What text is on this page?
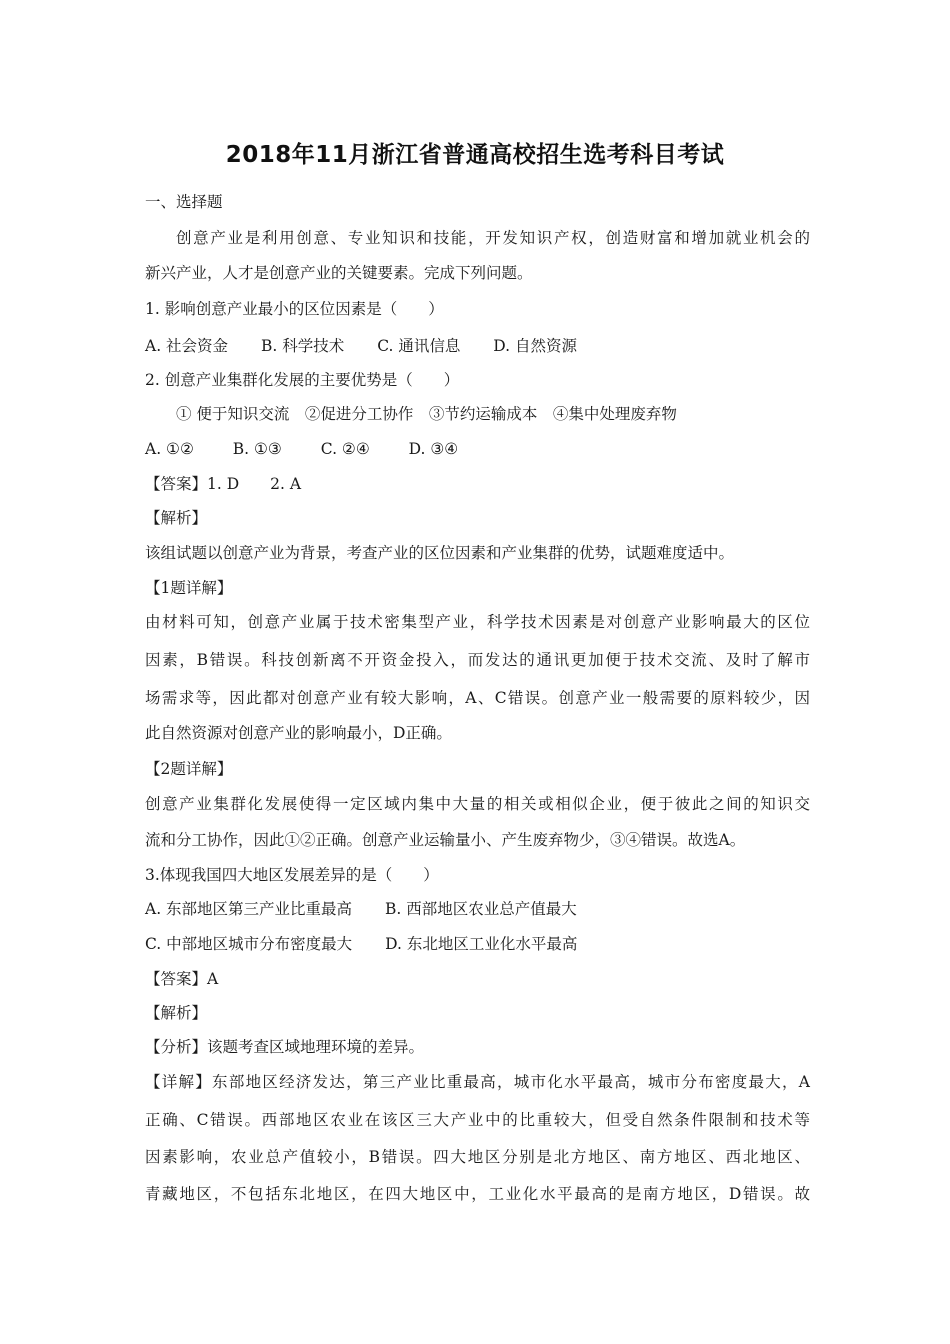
2018年11月浙江省普通高校招生选考科目考试
一、选择题
创意产业是利用创意、专业知识和技能，开发知识产权，创造财富和增加就业机会的
新兴产业，人才是创意产业的关键要素。完成下列问题。
1. 影响创意产业最小的区位因素是（　　）
A. 社会资金 B. 科学技术 C. 通讯信息 D. 自然资源
2. 创意产业集群化发展的主要优势是（　　）
① 便于知识交流　②促进分工协作　③节约运输成本　④集中处理废弃物
A. ①②	B. ①③	C. ②④	D. ③④
【答案】1. D　　2. A
【解析】
该组试题以创意产业为背景，考查产业的区位因素和产业集群的优势，试题难度适中。
【1题详解】
由材料可知，创意产业属于技术密集型产业，科学技术因素是对创意产业影响最大的区位
因素，B错误。科技创新离不开资金投入，而发达的通讯更加便于技术交流、及时了解市
场需求等，因此都对创意产业有较大影响，A、C错误。创意产业一般需要的原料较少，因
此自然资源对创意产业的影响最小，D正确。
【2题详解】
创意产业集群化发展使得一定区域内集中大量的相关或相似企业，便于彼此之间的知识交
流和分工协作，因此①②正确。创意产业运输量小、产生废弃物少，③④错误。故选A。
3.体现我国四大地区发展差异的是（　　）
A. 东部地区第三产业比重最高 B. 西部地区农业总产值最大
C. 中部地区城市分布密度最大 D. 东北地区工业化水平最高
【答案】A
【解析】
【分析】该题考查区域地理环境的差异。
【详解】东部地区经济发达，第三产业比重最高，城市化水平最高，城市分布密度最大，A
正确、C错误。西部地区农业在该区三大产业中的比重较大，但受自然条件限制和技术等
因素影响，农业总产值较小，B错误。四大地区分别是北方地区、南方地区、西北地区、
青藏地区，不包括东北地区，在四大地区中，工业化水平最高的是南方地区，D错误。故
